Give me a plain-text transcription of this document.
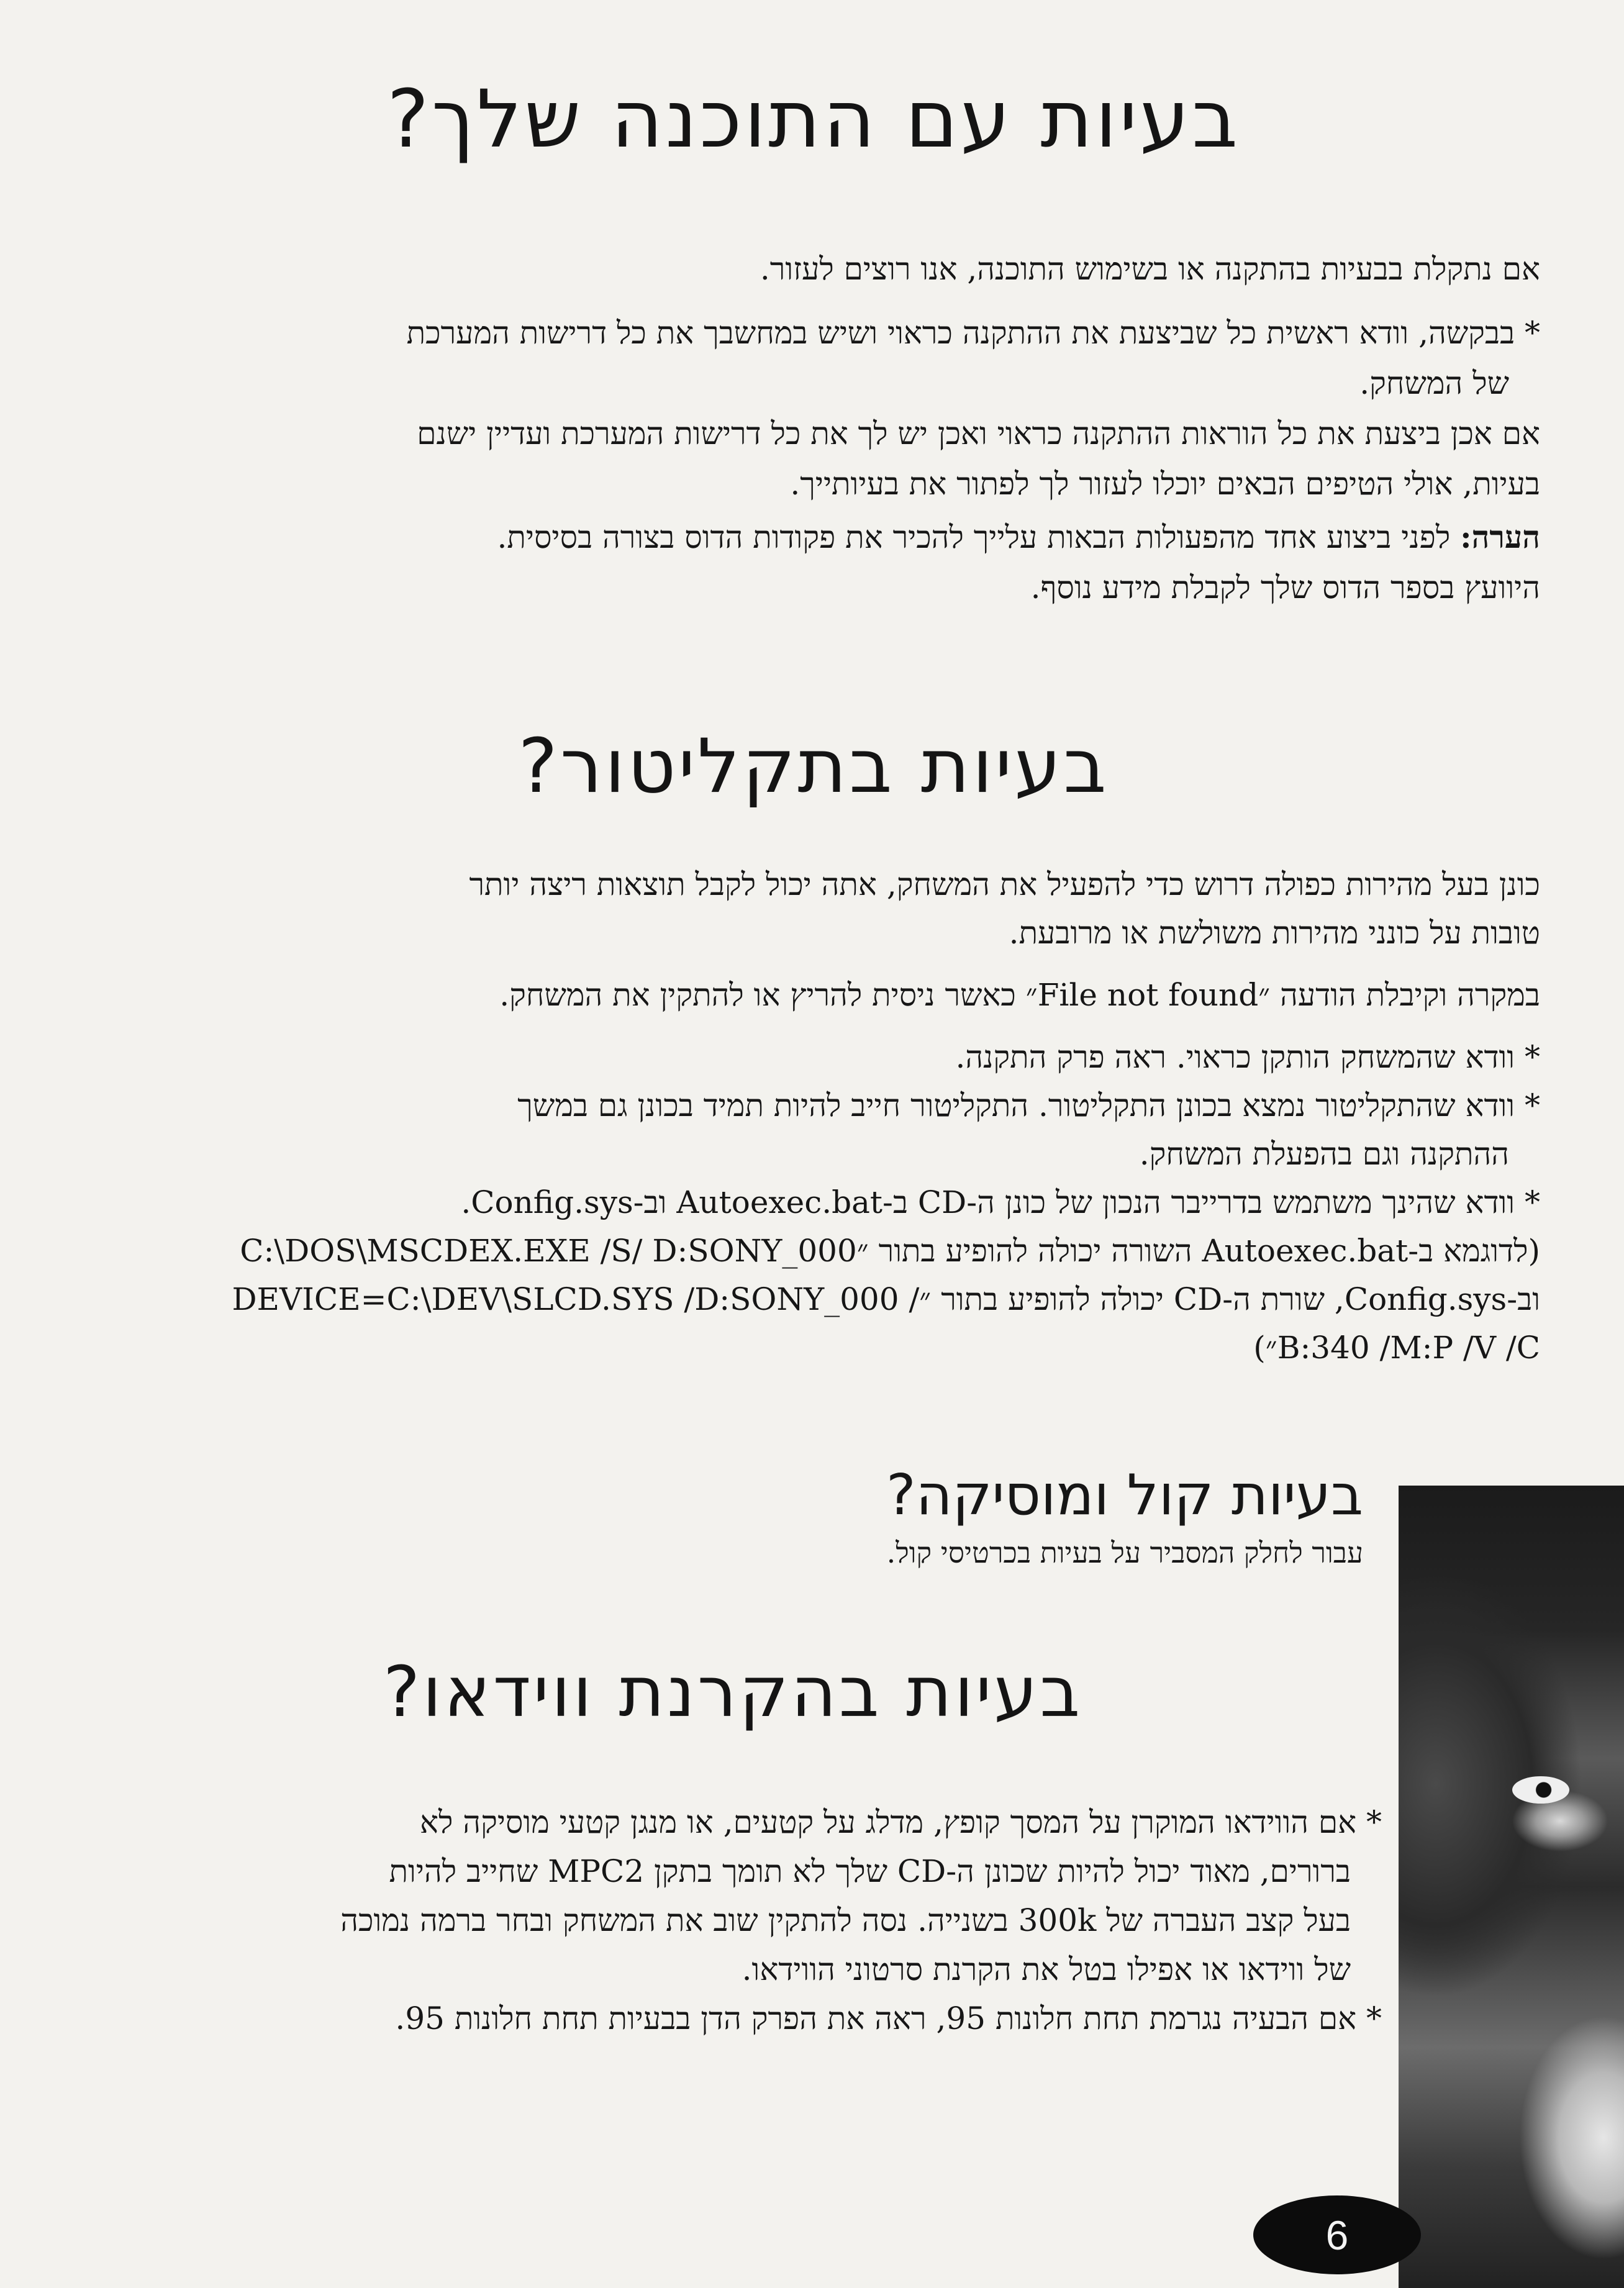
בעיות עם התוכנה שלך?

אם נתקלת בבעיות בהתקנה או בשימוש התוכנה, אנו רוצים לעזור.

* בבקשה, וודא ראשית כל שביצעת את ההתקנה כראוי ושיש במחשבך את כל דרישות המערכת

של המשחק.

אם אכן ביצעת את כל הוראות ההתקנה כראוי ואכן יש לך את כל דרישות המערכת ועדיין ישנם

בעיות, אולי הטיפים הבאים יוכלו לעזור לך לפתור את בעיותייך.

הערה: לפני ביצוע אחד מהפעולות הבאות עלייך להכיר את פקודות הדוס בצורה בסיסית.

היוועץ בספר הדוס שלך לקבלת מידע נוסף.

בעיות בתקליטור?

כונן בעל מהירות כפולה דרוש כדי להפעיל את המשחק, אתה יכול לקבל תוצאות ריצה יותר

טובות על כונני מהירות משולשת או מרובעת.

במקרה וקיבלת הודעה ״File not found״ כאשר ניסית להריץ או להתקין את המשחק.

* וודא שהמשחק הותקן כראוי. ראה פרק התקנה.

* וודא שהתקליטור נמצא בכונן התקליטור. התקליטור חייב להיות תמיד בכונן גם במשך

ההתקנה וגם בהפעלת המשחק.

* וודא שהינך משתמש בדרייבר הנכון של כונן ה-CD ב-Autoexec.bat וב-Config.sys.

(לדוגמא ב-Autoexec.bat השורה יכולה להופיע בתור ״C:\DOS\MSCDEX.EXE /S/ D:SONY_000

וב-Config.sys, שורת ה-CD יכולה להופיע בתור ״/ DEVICE=C:\DEV\SLCD.SYS /D:SONY_000

B:340 /M:P /V /C״)

בעיות קול ומוסיקה?

עבור לחלק המסביר על בעיות בכרטיסי קול.

בעיות בהקרנת ווידאו?

* אם הווידאו המוקרן על המסך קופץ, מדלג על קטעים, או מנגן קטעי מוסיקה לא

ברורים, מאוד יכול להיות שכונן ה-CD שלך לא תומך בתקן MPC2 שחייב להיות

בעל קצב העברה של 300k בשנייה. נסה להתקין שוב את המשחק ובחר ברמה נמוכה

של ווידאו או אפילו בטל את הקרנת סרטוני הווידאו.

* אם הבעיה נגרמת תחת חלונות 95, ראה את הפרק הדן בבעיות תחת חלונות 95.

6
